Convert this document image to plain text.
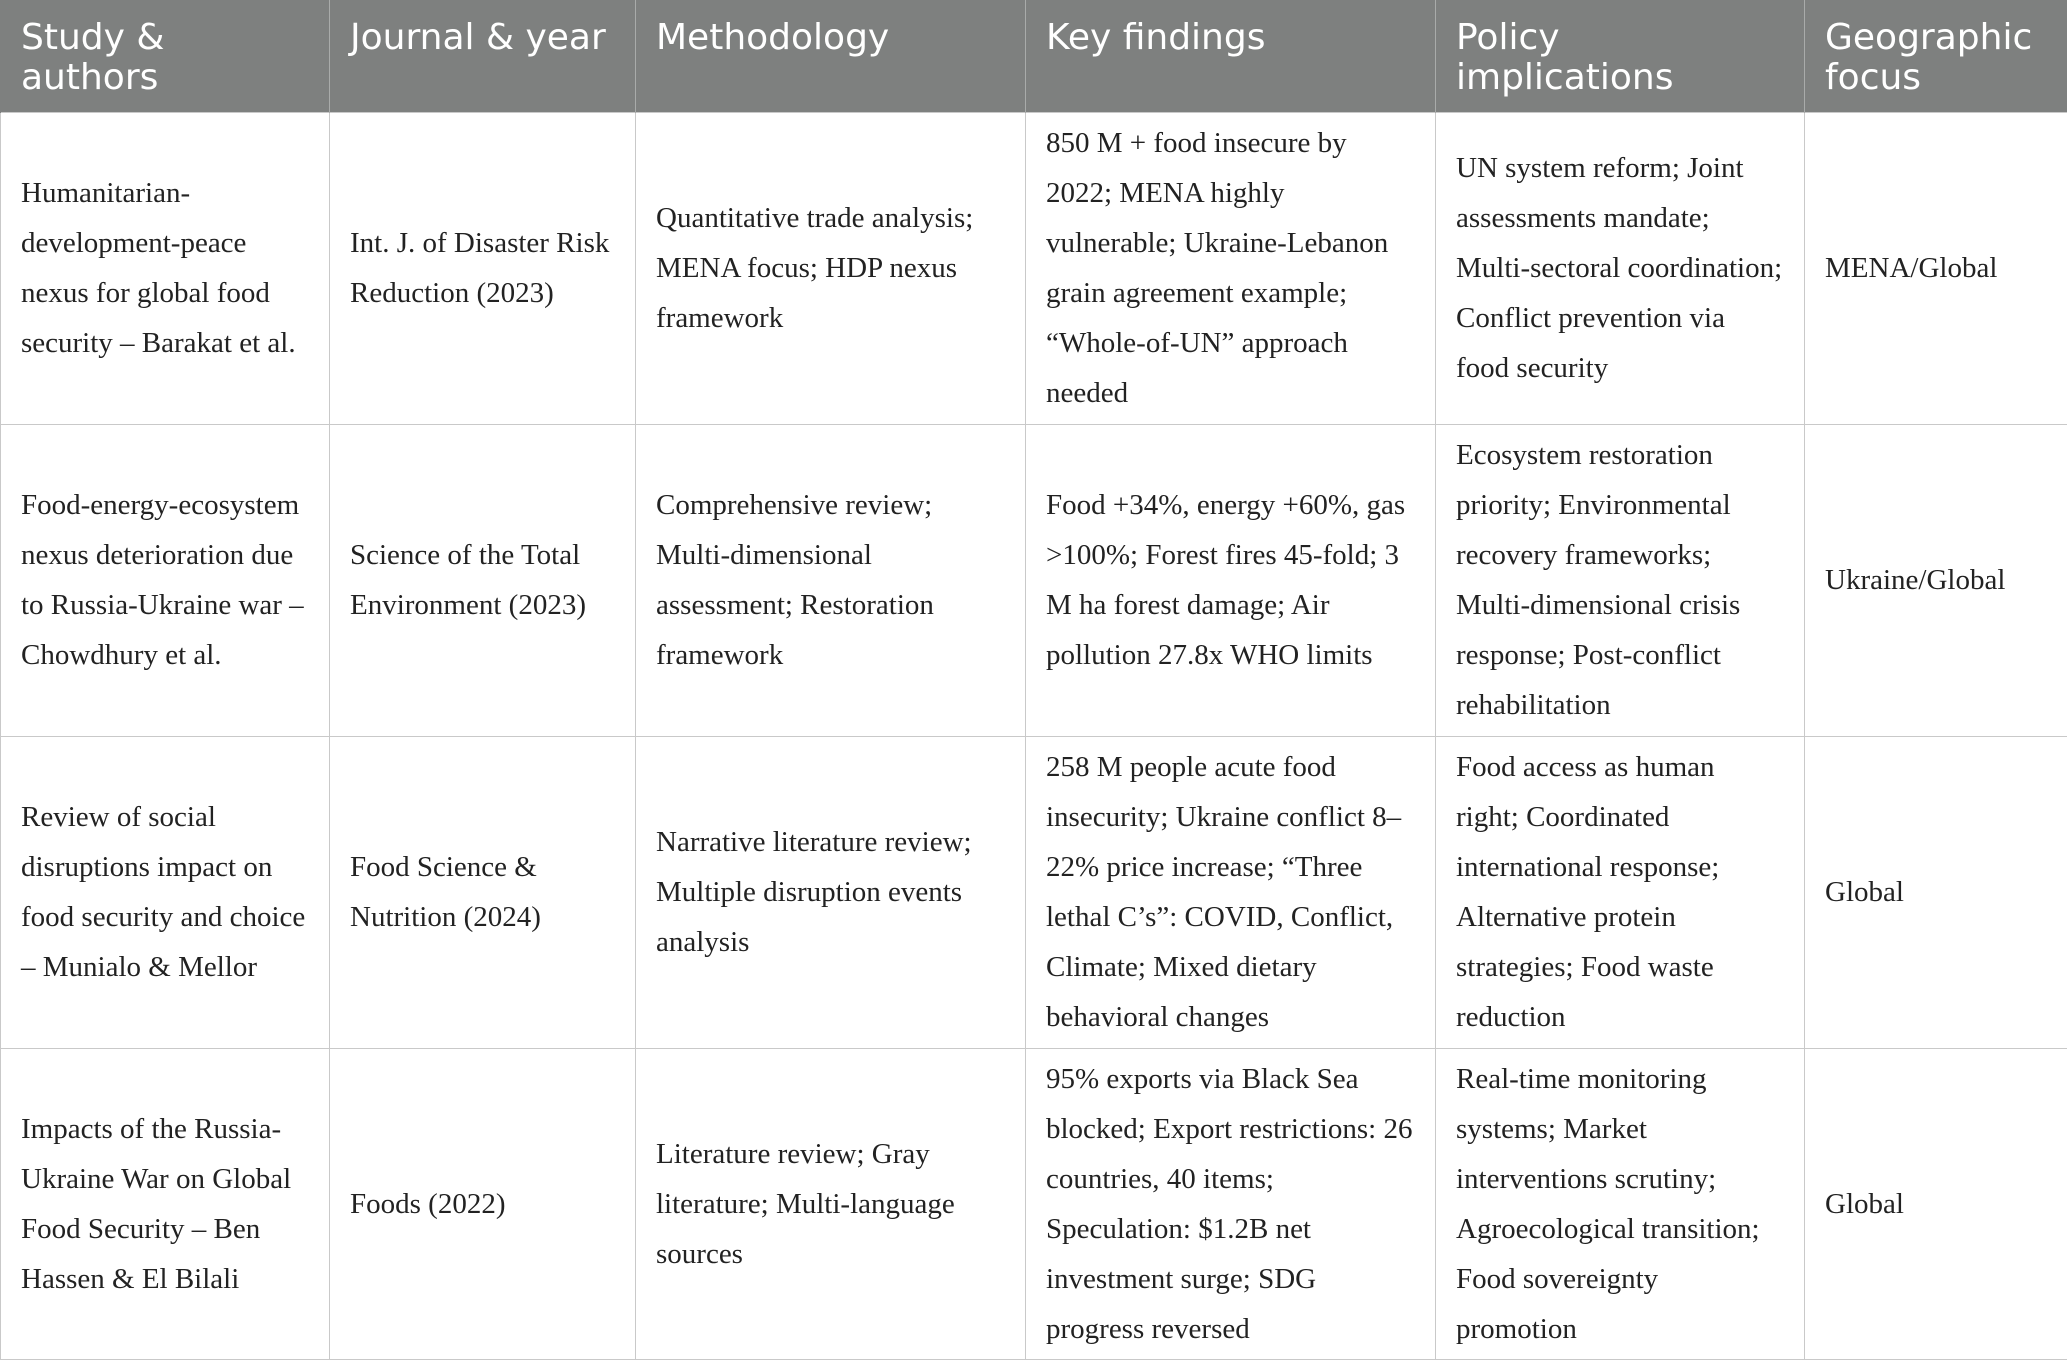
Study & authors	Journal & year	Methodology	Key findings	Policy implications	Geographic focus
Humanitarian-development-peace nexus for global food security – Barakat et al.	Int. J. of Disaster Risk Reduction (2023)	Quantitative trade analysis; MENA focus; HDP nexus framework	850 M + food insecure by 2022; MENA highly vulnerable; Ukraine-Lebanon grain agreement example; “Whole-of-UN” approach needed	UN system reform; Joint assessments mandate; Multi-sectoral coordination; Conflict prevention via food security	MENA/Global
Food-energy-ecosystem nexus deterioration due to Russia-Ukraine war – Chowdhury et al.	Science of the Total Environment (2023)	Comprehensive review; Multi-dimensional assessment; Restoration framework	Food +34%, energy +60%, gas >100%; Forest fires 45-fold; 3 M ha forest damage; Air pollution 27.8x WHO limits	Ecosystem restoration priority; Environmental recovery frameworks; Multi-dimensional crisis response; Post-conflict rehabilitation	Ukraine/Global
Review of social disruptions impact on food security and choice – Munialo & Mellor	Food Science & Nutrition (2024)	Narrative literature review; Multiple disruption events analysis	258 M people acute food insecurity; Ukraine conflict 8–22% price increase; “Three lethal C’s”: COVID, Conflict, Climate; Mixed dietary behavioral changes	Food access as human right; Coordinated international response; Alternative protein strategies; Food waste reduction	Global
Impacts of the Russia-Ukraine War on Global Food Security – Ben Hassen & El Bilali	Foods (2022)	Literature review; Gray literature; Multi-language sources	95% exports via Black Sea blocked; Export restrictions: 26 countries, 40 items; Speculation: $1.2B net investment surge; SDG progress reversed	Real-time monitoring systems; Market interventions scrutiny; Agroecological transition; Food sovereignty promotion	Global
